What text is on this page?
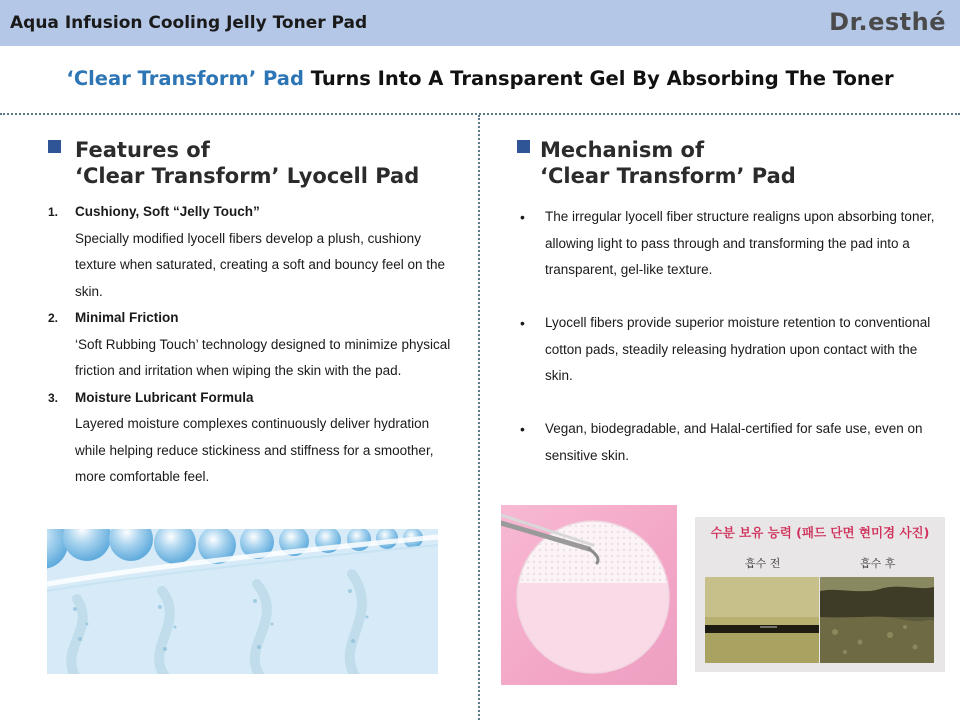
Aqua Infusion Cooling Jelly Toner Pad	Dr.esthé
‘Clear Transform’ Pad Turns Into A Transparent Gel By Absorbing The Toner
Features of
‘Clear Transform’ Lyocell Pad
1.	Cushiony, Soft “Jelly Touch”
Specially modified lyocell fibers develop a plush, cushiony texture when saturated, creating a soft and bouncy feel on the skin.
2.	Minimal Friction
‘Soft Rubbing Touch’ technology designed to minimize physical friction and irritation when wiping the skin with the pad.
3.	Moisture Lubricant Formula
Layered moisture complexes continuously deliver hydration while helping reduce stickiness and stiffness for a smoother, more comfortable feel.
Mechanism of
‘Clear Transform’ Pad
•	The irregular lyocell fiber structure realigns upon absorbing toner, allowing light to pass through and transforming the pad into a transparent, gel-like texture.
•	Lyocell fibers provide superior moisture retention to conventional cotton pads, steadily releasing hydration upon contact with the skin.
•	Vegan, biodegradable, and Halal-certified for safe use, even on sensitive skin.
수분 보유 능력 (패드 단면 현미경 사진)
흡수 전	흡수 후
